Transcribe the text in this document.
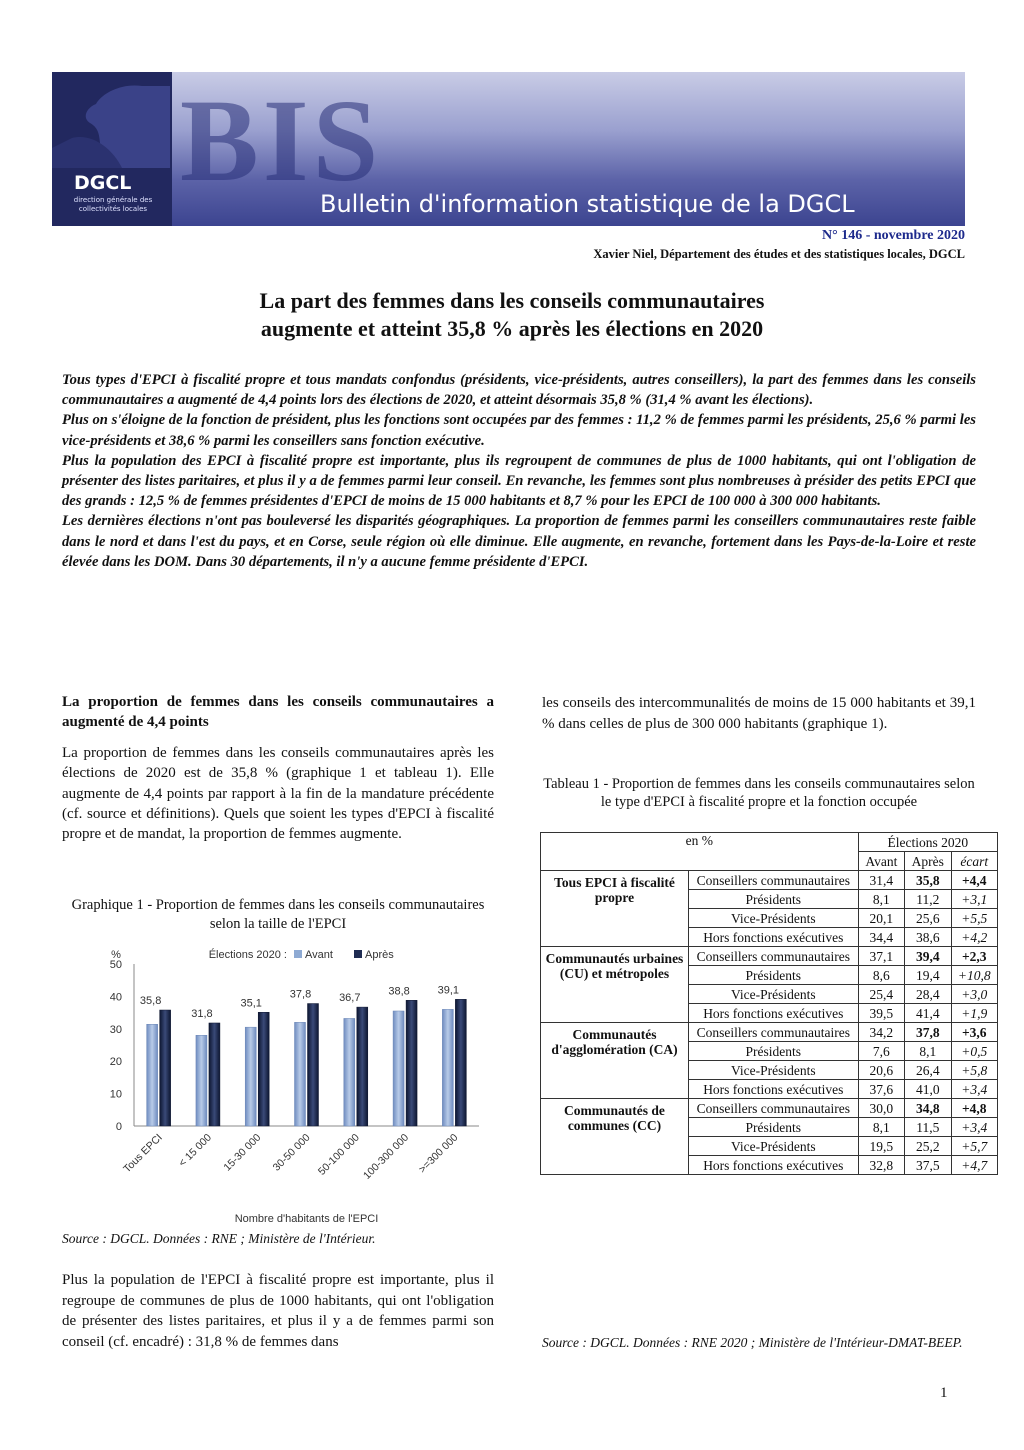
DGCL
direction générale des collectivités locales
BIS
Bulletin d'information statistique de la DGCL
N° 146 - novembre 2020
Xavier Niel, Département des études et des statistiques locales, DGCL
La part des femmes dans les conseils communautaires
augmente et atteint 35,8 % après les élections en 2020

Tous types d'EPCI à fiscalité propre et tous mandats confondus (présidents, vice-présidents, autres conseillers), la part des femmes dans les conseils communautaires a augmenté de 4,4 points lors des élections de 2020, et atteint désormais 35,8 % (31,4 % avant les élections).

Plus on s'éloigne de la fonction de président, plus les fonctions sont occupées par des femmes : 11,2 % de femmes parmi les présidents, 25,6 % parmi les vice-présidents et 38,6 % parmi les conseillers sans fonction exécutive.

Plus la population des EPCI à fiscalité propre est importante, plus ils regroupent de communes de plus de 1000 habitants, qui ont l'obligation de présenter des listes paritaires, et plus il y a de femmes parmi leur conseil. En revanche, les femmes sont plus nombreuses à présider des petits EPCI que des grands : 12,5 % de femmes présidentes d'EPCI de moins de 15 000 habitants et 8,7 % pour les EPCI de 100 000 à 300 000 habitants.

Les dernières élections n'ont pas bouleversé les disparités géographiques. La proportion de femmes parmi les conseillers communautaires reste faible dans le nord et dans l'est du pays, et en Corse, seule région où elle diminue. Elle augmente, en revanche, fortement dans les Pays-de-la-Loire et reste élevée dans les DOM. Dans 30 départements, il n'y a aucune femme présidente d'EPCI.

La proportion de femmes dans les conseils communautaires a augmenté de 4,4 points
La proportion de femmes dans les conseils communautaires après les élections de 2020 est de 35,8 % (graphique 1 et tableau 1). Elle augmente de 4,4 points par rapport à la fin de la mandature précédente (cf. source et définitions). Quels que soient les types d'EPCI à fiscalité propre et de mandat, la proportion de femmes augmente.
Graphique 1 - Proportion de femmes dans les conseils communautaires selon la taille de l'EPCI
0
10
20
30
40
50
%
Nombre d'habitants de l'EPCI
35,8
Tous EPCI
31,8
< 15 000
35,1
15-30 000
37,8
30-50 000
36,7
50-100 000
38,8
100-300 000
39,1
>=300 000
Élections 2020 : Avant	Après
Source : DGCL. Données : RNE ; Ministère de l'Intérieur.
Plus la population de l'EPCI à fiscalité propre est importante, plus il regroupe de communes de plus de 1000 habitants, qui ont l'obligation de présenter des listes paritaires, et plus il y a de femmes parmi son conseil (cf. encadré) : 31,8 % de femmes dans
les conseils des intercommunalités de moins de 15 000 habitants et 39,1 % dans celles de plus de 300 000 habitants (graphique 1).
Tableau 1 - Proportion de femmes dans les conseils communautaires selon le type d'EPCI à fiscalité propre et la fonction occupée
en %		Élections 2020		
		Avant	Après	écart
Tous EPCI à fiscalité propre	Conseillers communautaires	31,4	35,8	+4,4
	Présidents	8,1	11,2	+3,1
	Vice-Présidents	20,1	25,6	+5,5
	Hors fonctions exécutives	34,4	38,6	+4,2
Communautés urbaines (CU) et métropoles	Conseillers communautaires	37,1	39,4	+2,3
	Présidents	8,6	19,4	+10,8
	Vice-Présidents	25,4	28,4	+3,0
	Hors fonctions exécutives	39,5	41,4	+1,9
Communautés d'agglomération (CA)	Conseillers communautaires	34,2	37,8	+3,6
	Présidents	7,6	8,1	+0,5
	Vice-Présidents	20,6	26,4	+5,8
	Hors fonctions exécutives	37,6	41,0	+3,4
Communautés de communes (CC)	Conseillers communautaires	30,0	34,8	+4,8
	Présidents	8,1	11,5	+3,4
	Vice-Présidents	19,5	25,2	+5,7
	Hors fonctions exécutives	32,8	37,5	+4,7
Source : DGCL. Données : RNE 2020 ; Ministère de l'Intérieur-DMAT-BEEP.
1
